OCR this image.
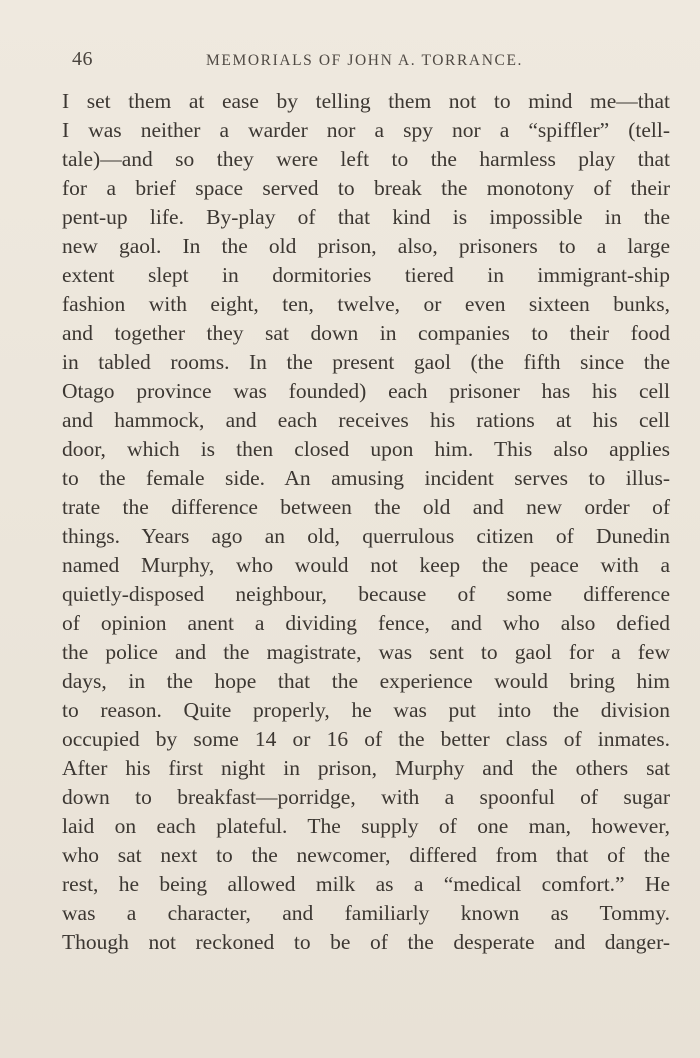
46	MEMORIALS OF JOHN A. TORRANCE.
I set them at ease by telling them not to mind me—that
I was neither a warder nor a spy nor a “spiffler” (tell-
tale)—and so they were left to the harmless play that
for a brief space served to break the monotony of their
pent-up life. By-play of that kind is impossible in the
new gaol. In the old prison, also, prisoners to a large
extent slept in dormitories tiered in immigrant-ship
fashion with eight, ten, twelve, or even sixteen bunks,
and together they sat down in companies to their food
in tabled rooms. In the present gaol (the fifth since the
Otago province was founded) each prisoner has his cell
and hammock, and each receives his rations at his cell
door, which is then closed upon him. This also applies
to the female side. An amusing incident serves to illus-
trate the difference between the old and new order of
things. Years ago an old, querrulous citizen of Dunedin
named Murphy, who would not keep the peace with a
quietly-disposed neighbour, because of some difference
of opinion anent a dividing fence, and who also defied
the police and the magistrate, was sent to gaol for a few
days, in the hope that the experience would bring him
to reason. Quite properly, he was put into the division
occupied by some 14 or 16 of the better class of inmates.
After his first night in prison, Murphy and the others sat
down to breakfast—porridge, with a spoonful of sugar
laid on each plateful. The supply of one man, however,
who sat next to the newcomer, differed from that of the
rest, he being allowed milk as a “medical comfort.” He
was a character, and familiarly known as Tommy.
Though not reckoned to be of the desperate and danger-
